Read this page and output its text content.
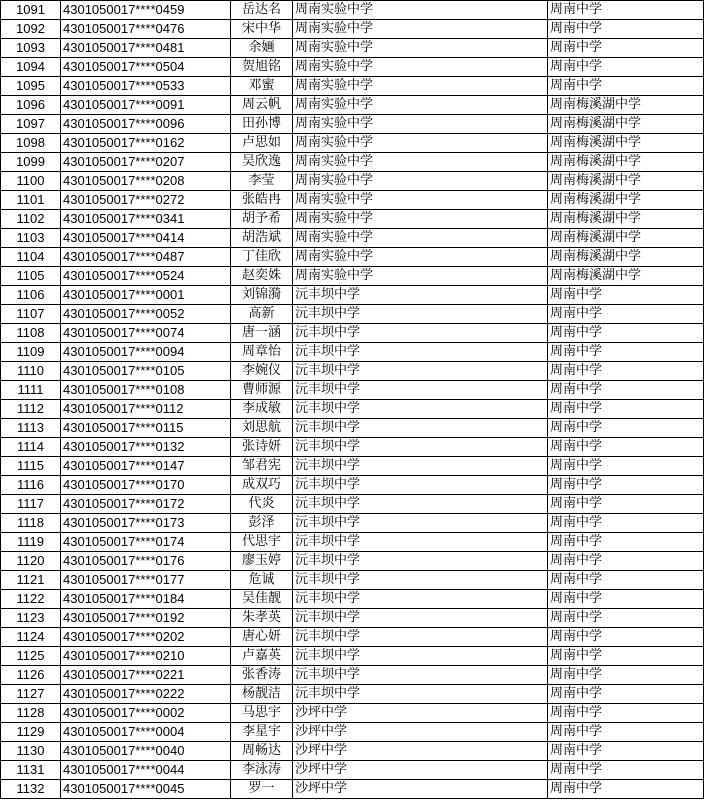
1091	4301050017****0459	岳达名	周南实验中学	周南中学
1092	4301050017****0476	宋中华	周南实验中学	周南中学
1093	4301050017****0481	余婳	周南实验中学	周南中学
1094	4301050017****0504	贺旭铭	周南实验中学	周南中学
1095	4301050017****0533	邓蜜	周南实验中学	周南中学
1096	4301050017****0091	周云帆	周南实验中学	周南梅溪湖中学
1097	4301050017****0096	田孙博	周南实验中学	周南梅溪湖中学
1098	4301050017****0162	卢思如	周南实验中学	周南梅溪湖中学
1099	4301050017****0207	吴欣逸	周南实验中学	周南梅溪湖中学
1100	4301050017****0208	李莹	周南实验中学	周南梅溪湖中学
1101	4301050017****0272	张皓冉	周南实验中学	周南梅溪湖中学
1102	4301050017****0341	胡予希	周南实验中学	周南梅溪湖中学
1103	4301050017****0414	胡浩斌	周南实验中学	周南梅溪湖中学
1104	4301050017****0487	丁佳欣	周南实验中学	周南梅溪湖中学
1105	4301050017****0524	赵奕姝	周南实验中学	周南梅溪湖中学
1106	4301050017****0001	刘锦漪	沅丰坝中学	周南中学
1107	4301050017****0052	高新	沅丰坝中学	周南中学
1108	4301050017****0074	唐一涵	沅丰坝中学	周南中学
1109	4301050017****0094	周章怡	沅丰坝中学	周南中学
1110	4301050017****0105	李婉仪	沅丰坝中学	周南中学
1111	4301050017****0108	曹师源	沅丰坝中学	周南中学
1112	4301050017****0112	李成敏	沅丰坝中学	周南中学
1113	4301050017****0115	刘思航	沅丰坝中学	周南中学
1114	4301050017****0132	张诗妍	沅丰坝中学	周南中学
1115	4301050017****0147	邹君宪	沅丰坝中学	周南中学
1116	4301050017****0170	成双巧	沅丰坝中学	周南中学
1117	4301050017****0172	代炎	沅丰坝中学	周南中学
1118	4301050017****0173	彭泽	沅丰坝中学	周南中学
1119	4301050017****0174	代思宇	沅丰坝中学	周南中学
1120	4301050017****0176	廖玉婷	沅丰坝中学	周南中学
1121	4301050017****0177	危诚	沅丰坝中学	周南中学
1122	4301050017****0184	吴佳靓	沅丰坝中学	周南中学
1123	4301050017****0192	朱孝英	沅丰坝中学	周南中学
1124	4301050017****0202	唐心妍	沅丰坝中学	周南中学
1125	4301050017****0210	卢嘉英	沅丰坝中学	周南中学
1126	4301050017****0221	张香涛	沅丰坝中学	周南中学
1127	4301050017****0222	杨靓洁	沅丰坝中学	周南中学
1128	4301050017****0002	马思宇	沙坪中学	周南中学
1129	4301050017****0004	李星宇	沙坪中学	周南中学
1130	4301050017****0040	周畅达	沙坪中学	周南中学
1131	4301050017****0044	李泳涛	沙坪中学	周南中学
1132	4301050017****0045	罗一	沙坪中学	周南中学
